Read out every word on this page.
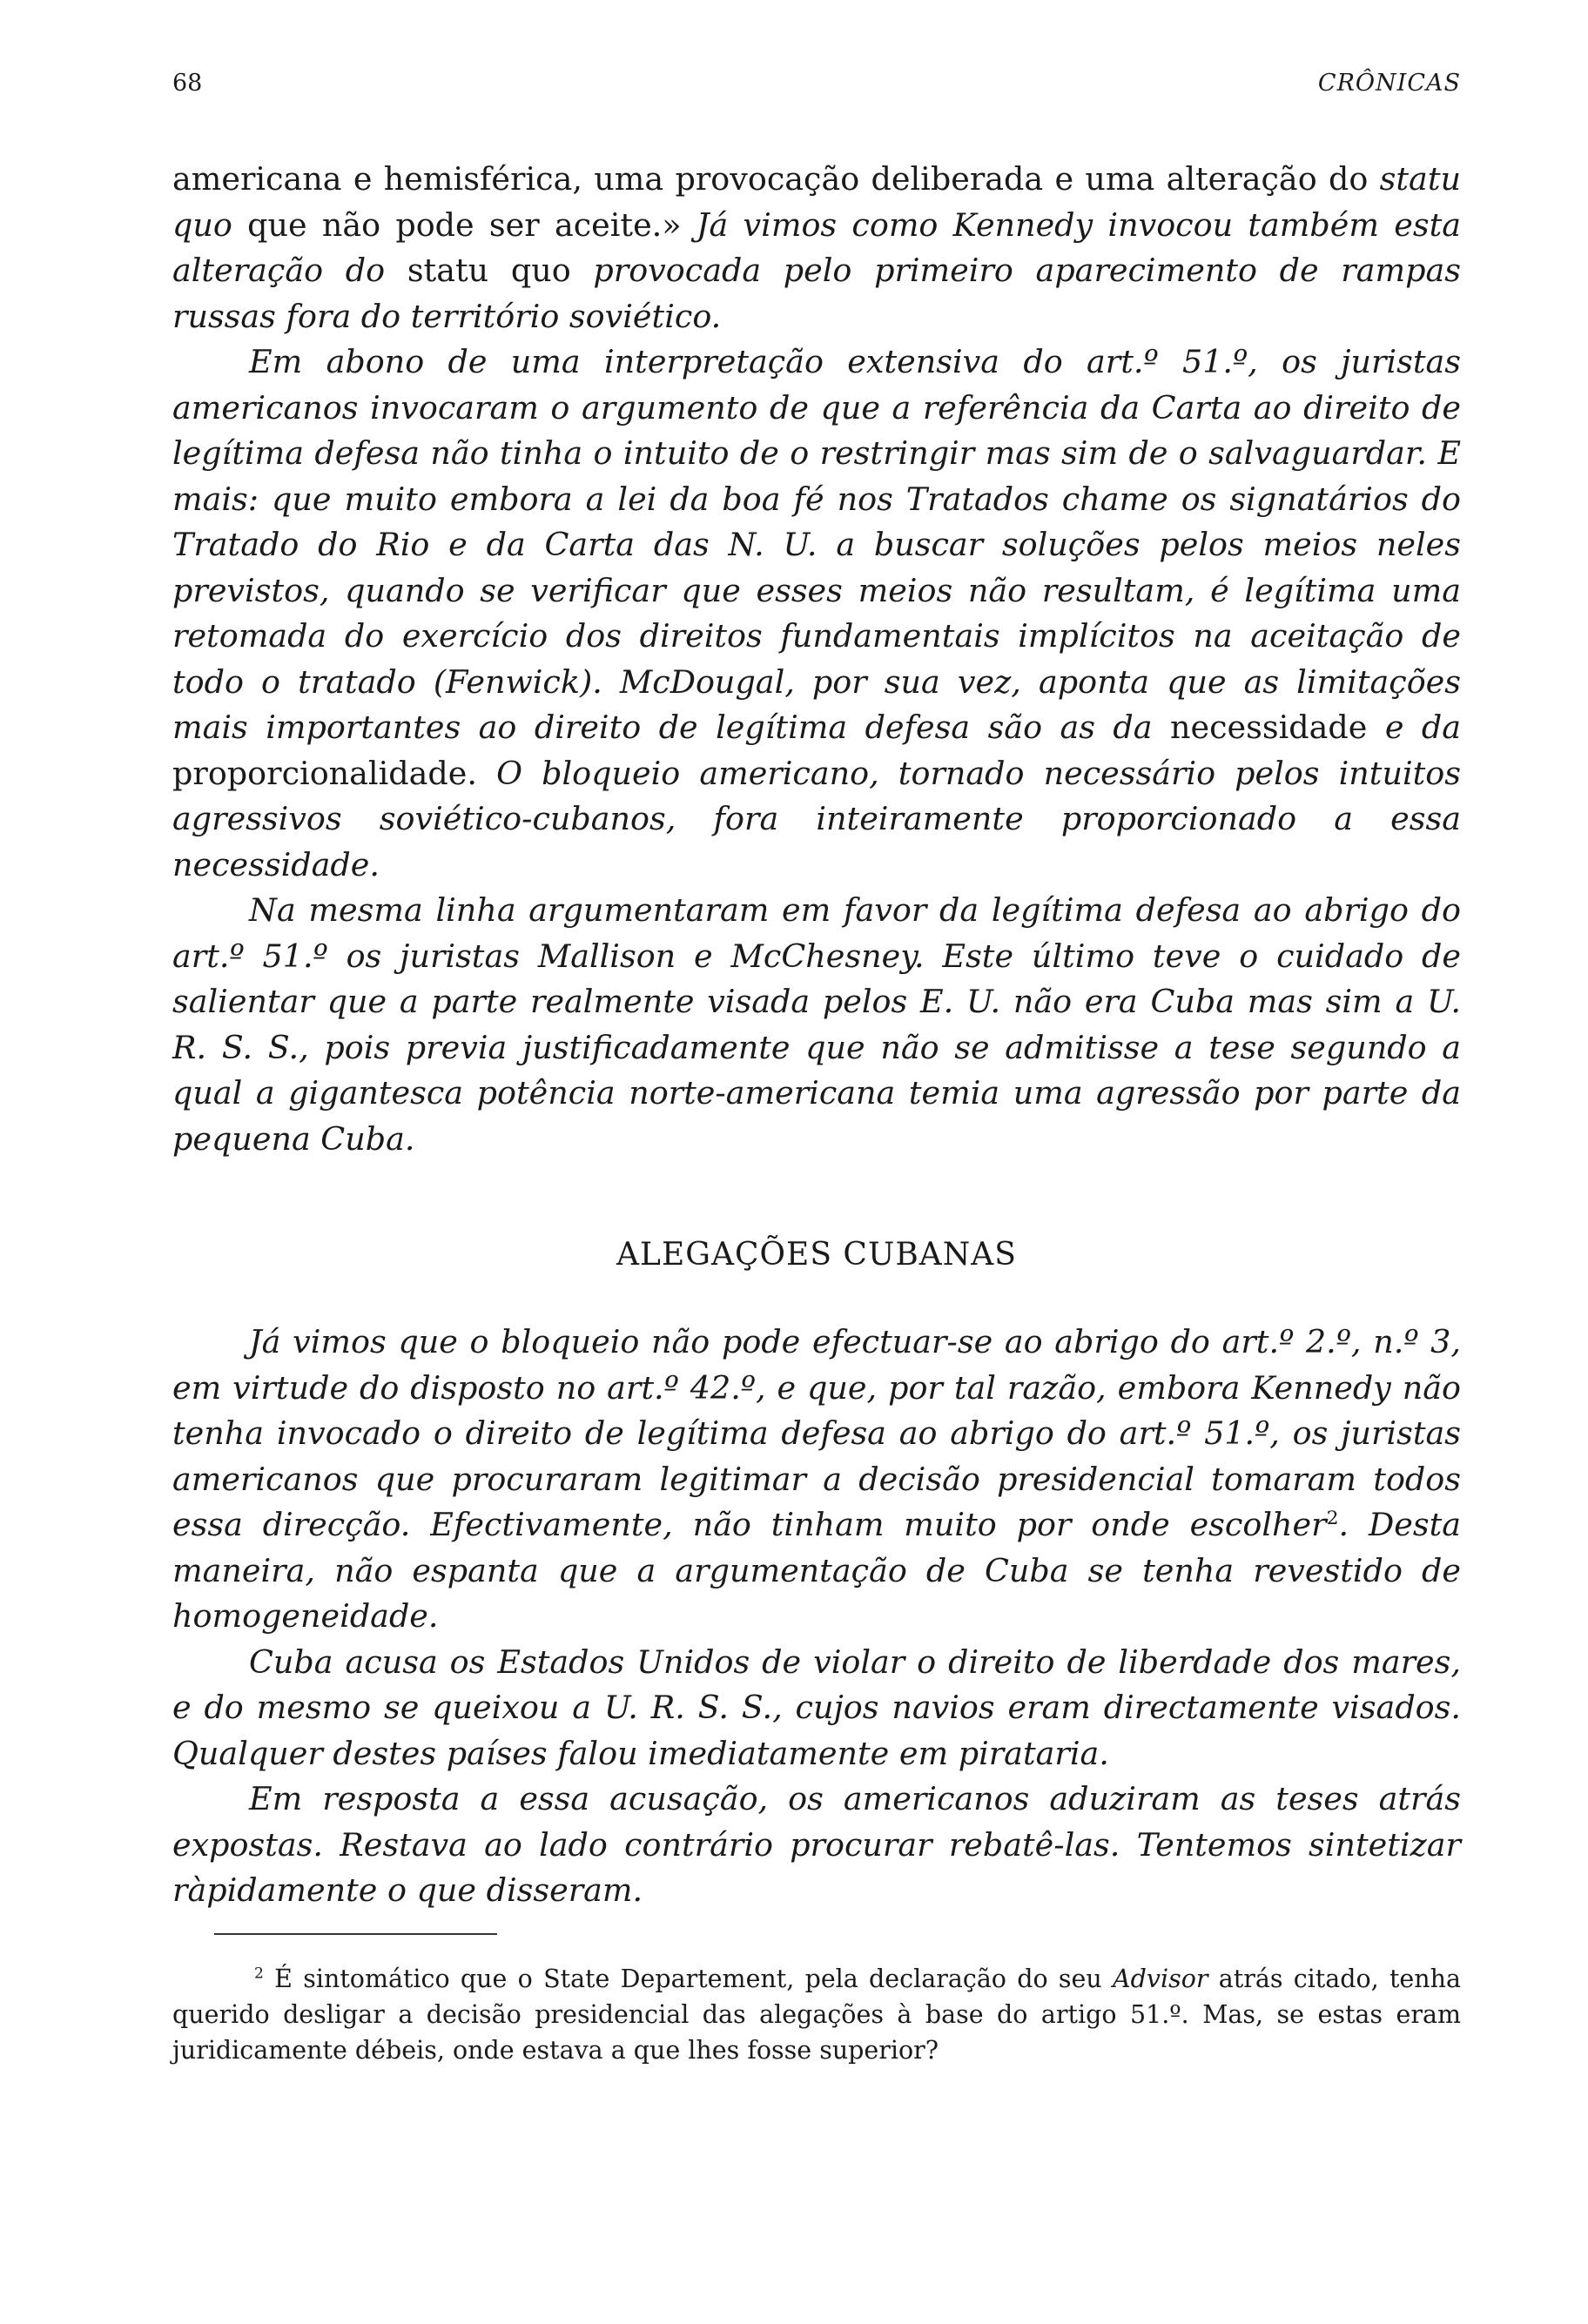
68	CRÔNICAS

americana e hemisférica, uma provocação deliberada e uma alteração do statu quo que não pode ser aceite.» Já vimos como Kennedy invocou também esta alteração do statu quo provocada pelo primeiro aparecimento de rampas russas fora do território soviético.

Em abono de uma interpretação extensiva do art.º 51.º, os juristas americanos invocaram o argumento de que a referência da Carta ao direito de legítima defesa não tinha o intuito de o restringir mas sim de o salvaguardar. E mais: que muito embora a lei da boa fé nos Tratados chame os signatários do Tratado do Rio e da Carta das N. U. a buscar soluções pelos meios neles previstos, quando se verificar que esses meios não resultam, é legítima uma retomada do exercício dos direitos fundamentais implícitos na aceitação de todo o tratado (Fenwick). McDougal, por sua vez, aponta que as limitações mais importantes ao direito de legítima defesa são as da necessidade e da proporcionalidade. O bloqueio americano, tornado necessário pelos intuitos agressivos soviético-cubanos, fora inteiramente proporcionado a essa necessidade.

Na mesma linha argumentaram em favor da legítima defesa ao abrigo do art.º 51.º os juristas Mallison e McChesney. Este último teve o cuidado de salientar que a parte realmente visada pelos E. U. não era Cuba mas sim a U. R. S. S., pois previa justificadamente que não se admitisse a tese segundo a qual a gigantesca potência norte-americana temia uma agressão por parte da pequena Cuba.

ALEGAÇÕES CUBANAS

Já vimos que o bloqueio não pode efectuar-se ao abrigo do art.º 2.º, n.º 3, em virtude do disposto no art.º 42.º, e que, por tal razão, embora Kennedy não tenha invocado o direito de legítima defesa ao abrigo do art.º 51.º, os juristas americanos que procuraram legitimar a decisão presidencial tomaram todos essa direcção. Efectivamente, não tinham muito por onde escolher$^2$. Desta maneira, não espanta que a argumentação de Cuba se tenha revestido de homogeneidade.

Cuba acusa os Estados Unidos de violar o direito de liberdade dos mares, e do mesmo se queixou a U. R. S. S., cujos navios eram directamente visados. Qualquer destes países falou imediatamente em pirataria.

Em resposta a essa acusação, os americanos aduziram as teses atrás expostas. Restava ao lado contrário procurar rebatê-las. Tentemos sintetizar ràpidamente o que disseram.

$^2$ É sintomático que o State Departement, pela declaração do seu Advisor atrás citado, tenha querido desligar a decisão presidencial das alegações à base do artigo 51.º. Mas, se estas eram juridicamente débeis, onde estava a que lhes fosse superior?
